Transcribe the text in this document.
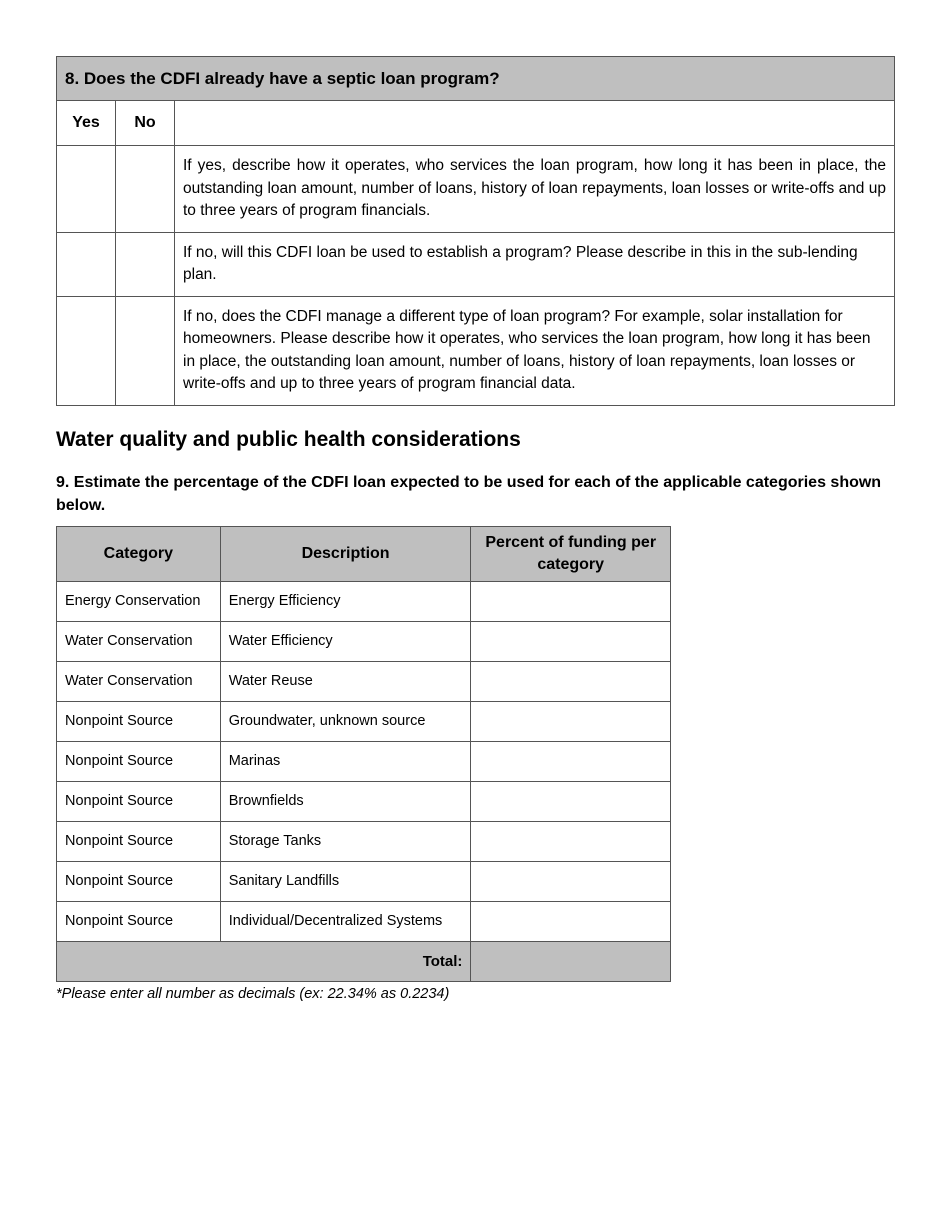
8. Does the CDFI already have a septic loan program?		
Yes	No	
		If yes, describe how it operates, who services the loan program, how long it has been in place, the outstanding loan amount, number of loans, history of loan repayments, loan losses or write-offs and up to three years of program financials.
		If no, will this CDFI loan be used to establish a program? Please describe in this in the sub-lending plan.
		If no, does the CDFI manage a different type of loan program? For example, solar installation for homeowners. Please describe how it operates, who services the loan program, how long it has been in place, the outstanding loan amount, number of loans, history of loan repayments, loan losses or write-offs and up to three years of program financial data.
Water quality and public health considerations
9. Estimate the percentage of the CDFI loan expected to be used for each of the applicable categories shown below.
Category	Description	Percent of funding per category
Energy Conservation	Energy Efficiency	
Water Conservation	Water Efficiency	
Water Conservation	Water Reuse	
Nonpoint Source	Groundwater, unknown source	
Nonpoint Source	Marinas	
Nonpoint Source	Brownfields	
Nonpoint Source	Storage Tanks	
Nonpoint Source	Sanitary Landfills	
Nonpoint Source	Individual/Decentralized Systems	
Total:	
*Please enter all number as decimals (ex: 22.34% as 0.2234)
